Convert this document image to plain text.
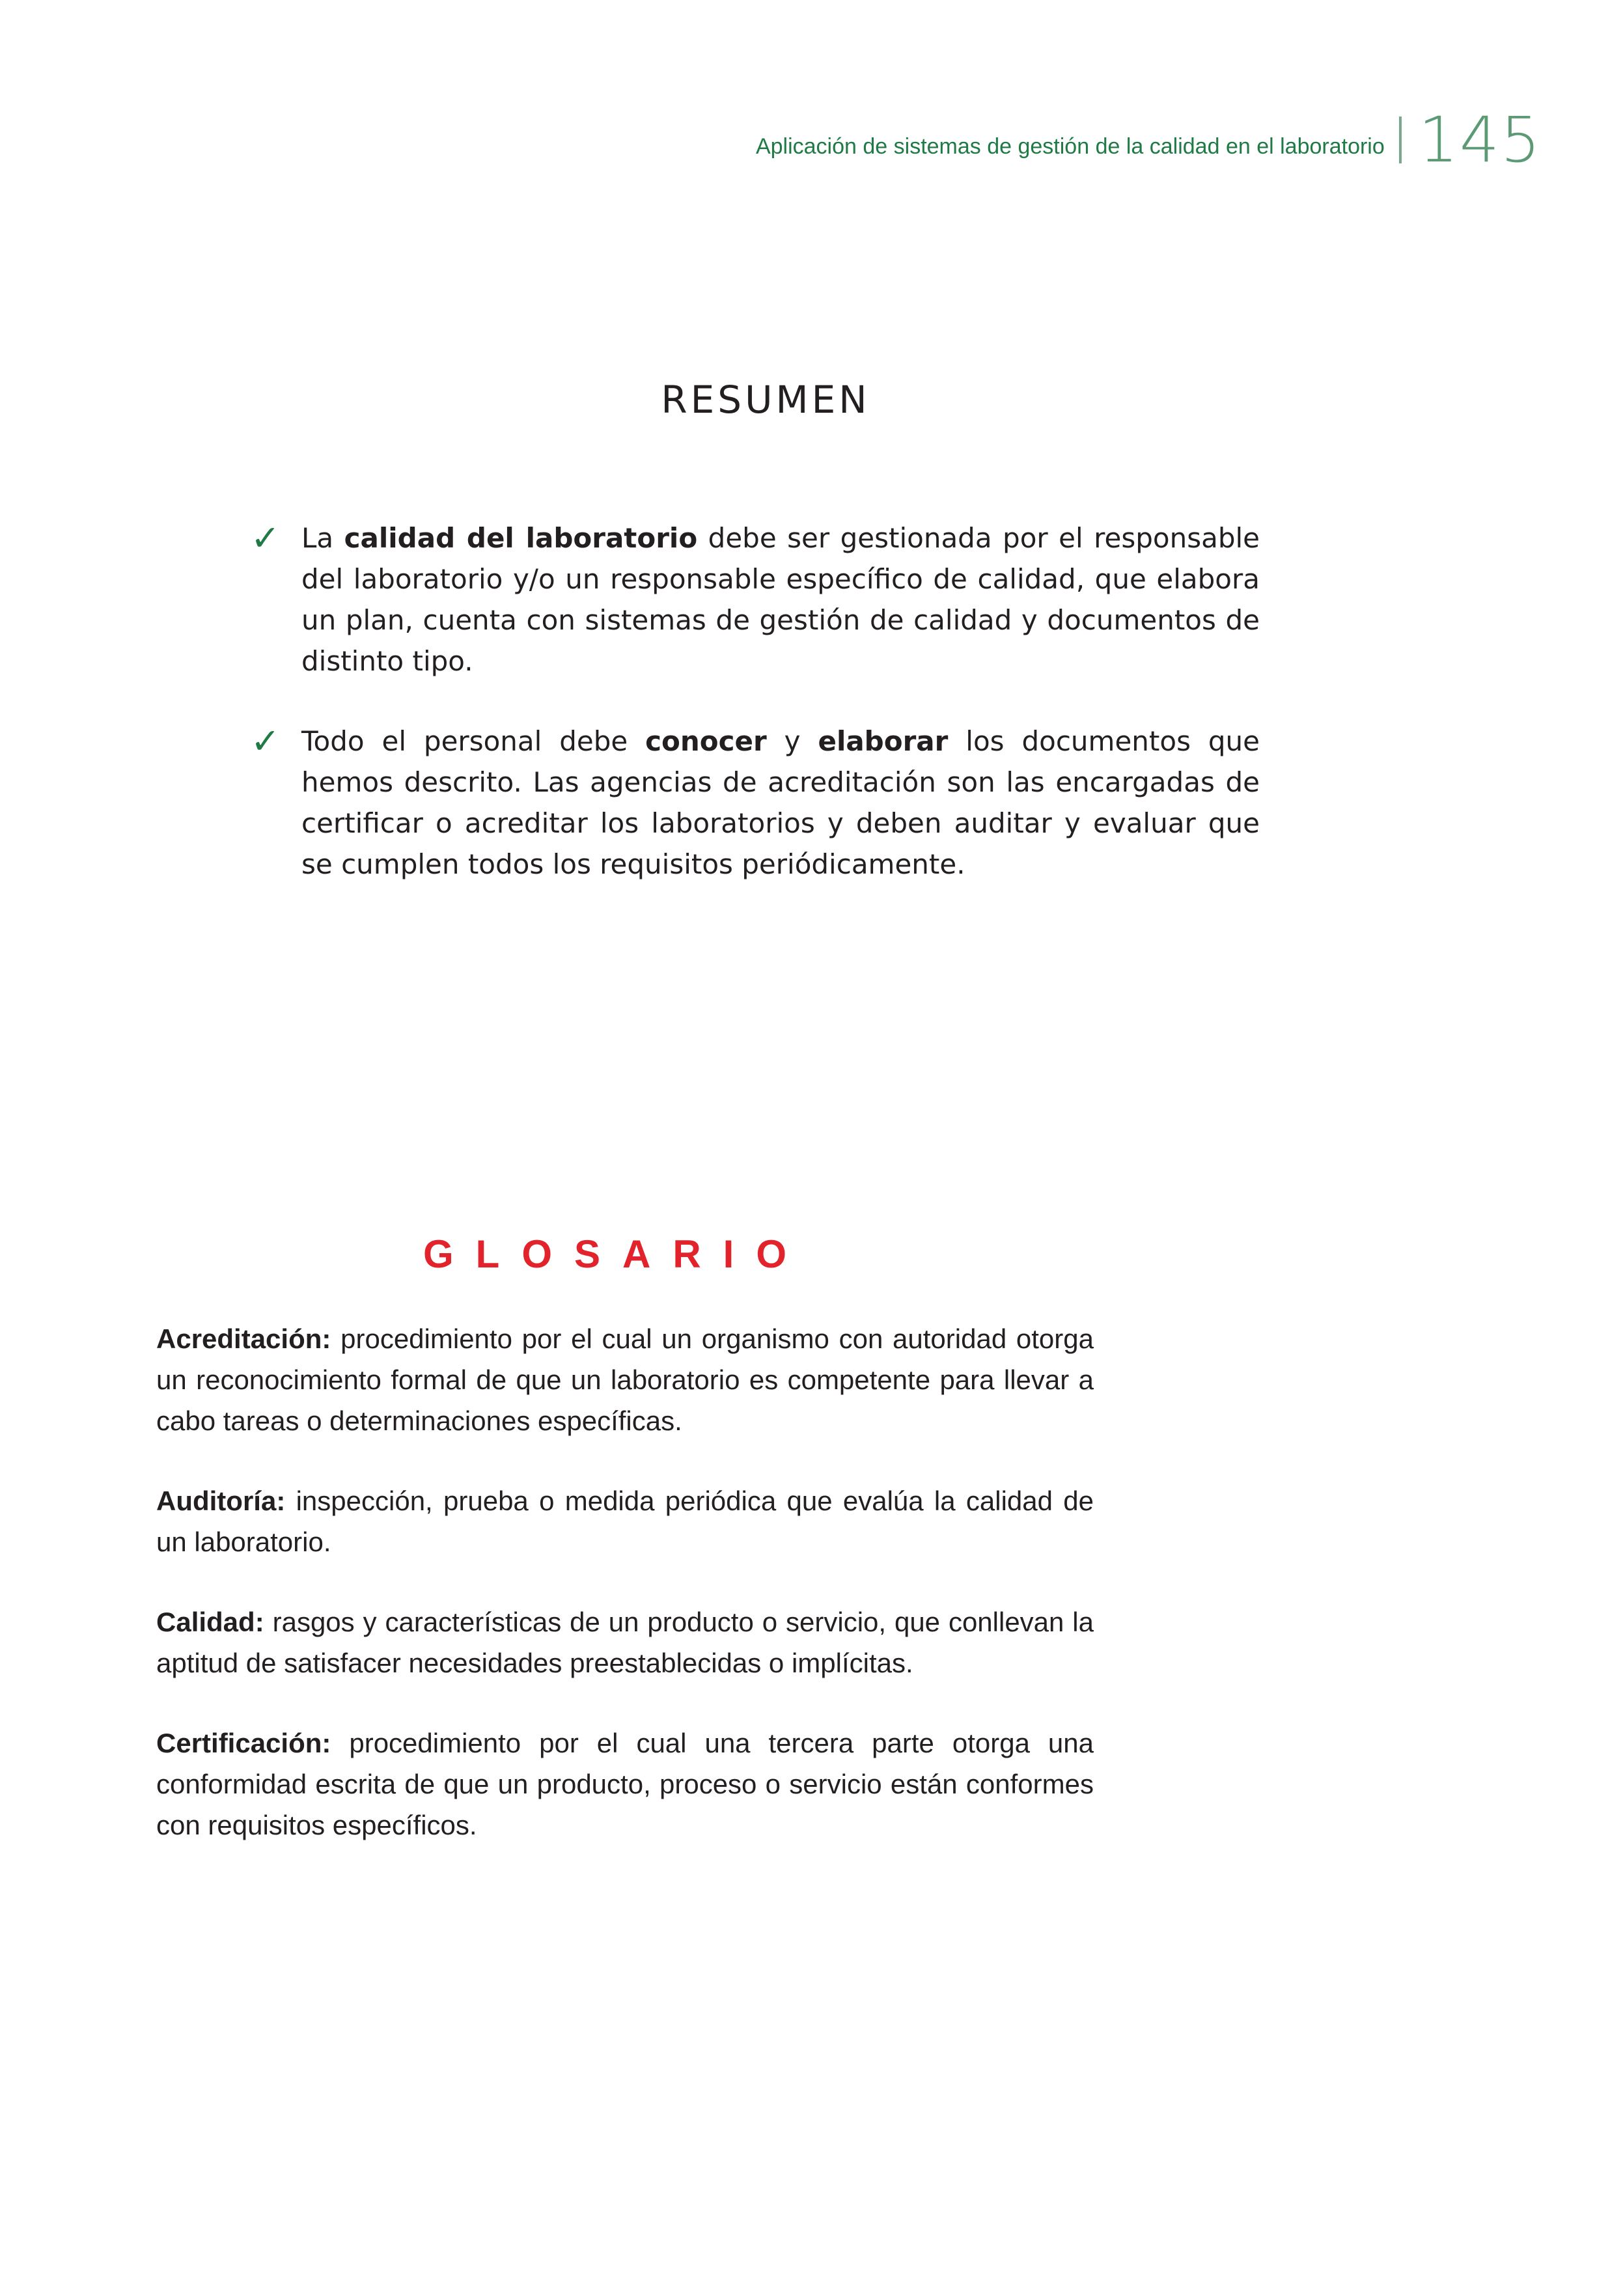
Aplicación de sistemas de gestión de la calidad en el laboratorio 145
RESUMEN
✓ La calidad del laboratorio debe ser gestionada por el responsable del laboratorio y/o un responsable específico de calidad, que elabora un plan, cuenta con sistemas de gestión de calidad y documentos de distinto tipo.
✓ Todo el personal debe conocer y elaborar los documentos que hemos descrito. Las agencias de acreditación son las encargadas de certificar o acreditar los laboratorios y deben auditar y evaluar que se cumplen todos los requisitos periódicamente.
GLOSARIO

Acreditación: procedimiento por el cual un organismo con autoridad otorga un reconocimiento formal de que un laboratorio es competente para llevar a cabo tareas o determinaciones específicas.

Auditoría: inspección, prueba o medida periódica que evalúa la calidad de un laboratorio.

Calidad: rasgos y características de un producto o servicio, que conllevan la aptitud de satisfacer necesidades preestablecidas o implícitas.

Certificación: procedimiento por el cual una tercera parte otorga una conformidad escrita de que un producto, proceso o servicio están conformes con requisitos específicos.
